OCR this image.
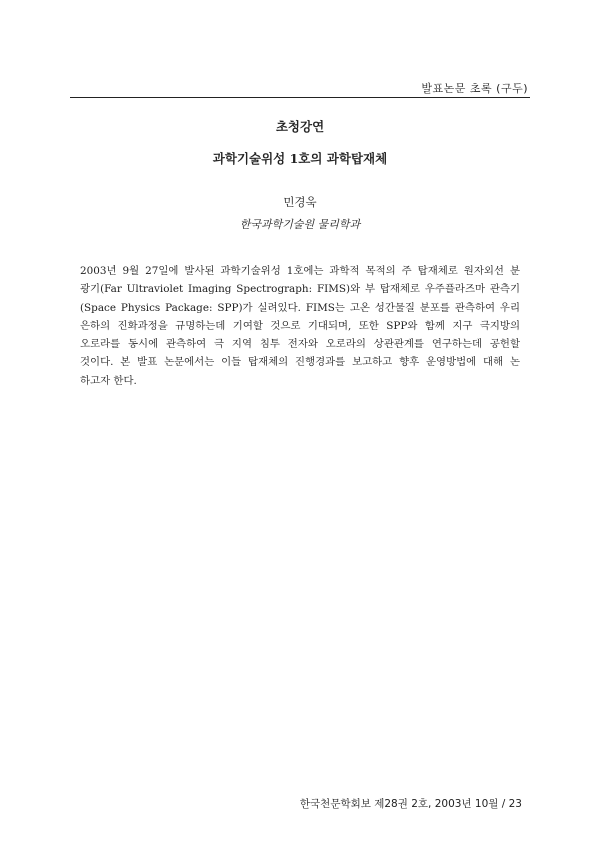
발표논문 초록 (구두)
초청강연
과학기술위성 1호의 과학탑재체
민경욱
한국과학기술원 물리학과

2003년 9월 27일에 발사된 과학기술위성 1호에는 과학적 목적의 주 탑재체로 원자외선 분
광기(Far Ultraviolet Imaging Spectrograph: FIMS)와 부 탑재체로 우주플라즈마 관측기
(Space Physics Package: SPP)가 실려있다. FIMS는 고온 성간물질 분포를 관측하여 우리
은하의 진화과정을 규명하는데 기여할 것으로 기대되며, 또한 SPP와 함께 지구 극지방의
오로라를 동시에 관측하여 극 지역 침투 전자와 오로라의 상관관계를 연구하는데 공헌할
것이다. 본 발표 논문에서는 이들 탑재체의 진행경과를 보고하고 향후 운영방법에 대해 논
하고자 한다.

한국천문학회보 제28권 2호, 2003년 10월 / 23
